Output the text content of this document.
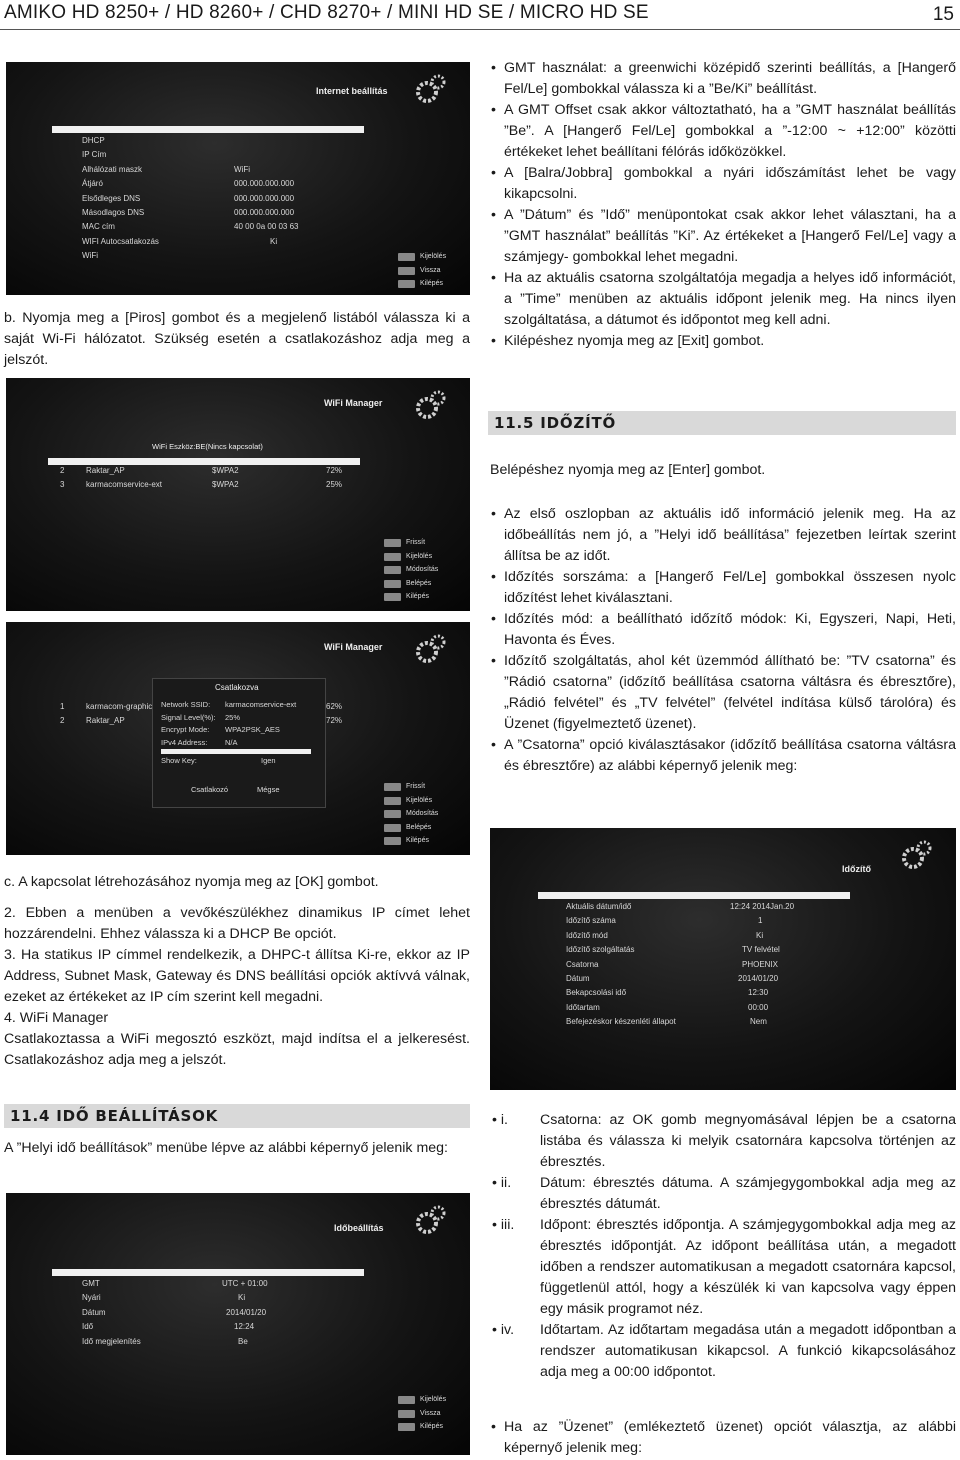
AMIKO HD 8250+ / HD 8260+ / CHD 8270+ / MINI HD SE / MICRO HD SE	15
Internet beállítás
DHCP
IP Cím
Alhálózati maszk	WiFi
Átjáró	000.000.000.000
Elsődleges DNS	000.000.000.000
Másodlagos DNS	000.000.000.000
MAC cím	40 00 0a 00 03 63
WIFI Autocsatlakozás	Ki
WiFi	Kijelölés
Vissza
Kilépés
b. Nyomja meg a [Piros] gombot és a megjelenő listából válassza ki a saját Wi-Fi hálózatot. Szükség esetén a csatlakozáshoz adja meg a jelszót.
WiFi Manager
WiFi Eszköz:BE(Nincs kapcsolat)
2	Raktar_AP	$WPA2	72%
3	karmacomservice-ext	$WPA2	25%
Frissít
Kijelölés
Módosítás
Belépés
Kilépés
WiFi Manager
1	karmacom-graphic	62%
2	Raktar_AP	72%
Csatlakozva
Network SSID: karmacomservice-ext
Signal Level(%): 25%
Encrypt Mode: WPA2PSK_AES
IPv4 Address: N/A
Show Key:	Igen
Csatlakozó	Mégse	Frissít
Kijelölés
Módosítás
Belépés
Kilépés
c. A kapcsolat létrehozásához nyomja meg az [OK] gombot.
2. Ebben a menüben a vevőkészülékhez dinamikus IP címet lehet hozzárendelni. Ehhez válassza ki a DHCP Be opciót.
3. Ha statikus IP címmel rendelkezik, a DHPC-t állítsa Ki-re, ekkor az IP Address, Subnet Mask, Gateway és DNS beállítási opciók aktívvá válnak, ezeket az értékeket az IP cím szerint kell megadni.
4. WiFi Manager
Csatlakoztassa a WiFi megosztó eszközt, majd indítsa el a jelkeresést. Csatlakozáshoz adja meg a jelszót.
11.4 IDŐ BEÁLLÍTÁSOK
A ”Helyi idő beállítások” menübe lépve az alábbi képernyő jelenik meg:
Időbeállítás
GMT	UTC + 01:00
Nyári	Ki
Dátum	2014/01/20
Idő	12:24
Idő megjelenítés	Be
Kijelölés
Vissza
Kilépés
• GMT használat: a greenwichi középidő szerinti beállítás, a [Hangerő Fel/Le] gombokkal válassza ki a ”Be/Ki” beállítást.
• A GMT Offset csak akkor változtatható, ha a ”GMT használat beállítás ”Be”. A [Hangerő Fel/Le] gombokkal a ”-12:00 ~ +12:00” közötti értékeket lehet beállítani félórás időközökkel.
• A [Balra/Jobbra] gombokkal a nyári időszámítást lehet be vagy kikapcsolni.
• A ”Dátum” és ”Idő” menüpontokat csak akkor lehet választani, ha a ”GMT használat” beállítás ”Ki”. Az értékeket a [Hangerő Fel/Le] vagy a számjegy- gombokkal lehet megadni.
• Ha az aktuális csatorna szolgáltatója megadja a helyes idő információt, a ”Time” menüben az aktuális időpont jelenik meg. Ha nincs ilyen szolgáltatása, a dátumot és időpontot meg kell adni.
• Kilépéshez nyomja meg az [Exit] gombot.
11.5 IDŐZÍTŐ
Belépéshez nyomja meg az [Enter] gombot.
• Az első oszlopban az aktuális idő információ jelenik meg. Ha az időbeállítás nem jó, a ”Helyi idő beállítása” fejezetben leírtak szerint állítsa be az időt.
• Időzítés sorszáma: a [Hangerő Fel/Le] gombokkal összesen nyolc időzítést lehet kiválasztani.
• Időzítés mód: a beállítható időzítő módok: Ki, Egyszeri, Napi, Heti, Havonta és Éves.
• Időzítő szolgáltatás, ahol két üzemmód állítható be: ”TV csatorna” és ”Rádió csatorna” (időzítő beállítása csatorna váltásra és ébresztőre), „Rádió felvétel” és „TV felvétel” (felvétel indítása külső tárolóra) és Üzenet (figyelmeztető üzenet).
• A ”Csatorna” opció kiválasztásakor (időzítő beállítása csatorna váltásra és ébresztőre) az alábbi képernyő jelenik meg:
Időzítő
Aktuális dátum/idő	12:24 2014Jan.20
Időzítő száma	1
Időzítő mód	Ki
Időzítő szolgáltatás	TV felvétel
Csatorna	PHOENIX
Dátum	2014/01/20
Bekapcsolási idő	12:30
Időtartam	00:00
Befejezéskor készenléti állapot	Nem
• i. Csatorna: az OK gomb megnyomásával lépjen be a csatorna listába és válassza ki melyik csatornára kapcsolva történjen az ébresztés.
• ii. Dátum: ébresztés dátuma. A számjegygombokkal adja meg az ébresztés dátumát.
• iii. Időpont: ébresztés időpontja. A számjegygombokkal adja meg az ébresztés időpontját. Az időpont beállítása után, a megadott időben a rendszer automatikusan a megadott csatornára kapcsol, függetlenül attól, hogy a készülék ki van kapcsolva vagy éppen egy másik programot néz.
• iv. Időtartam. Az időtartam megadása után a megadott időpontban a rendszer automatikusan kikapcsol. A funkció kikapcsolásához adja meg a 00:00 időpontot.
• Ha az ”Üzenet” (emlékeztető üzenet) opciót választja, az alábbi képernyő jelenik meg:
